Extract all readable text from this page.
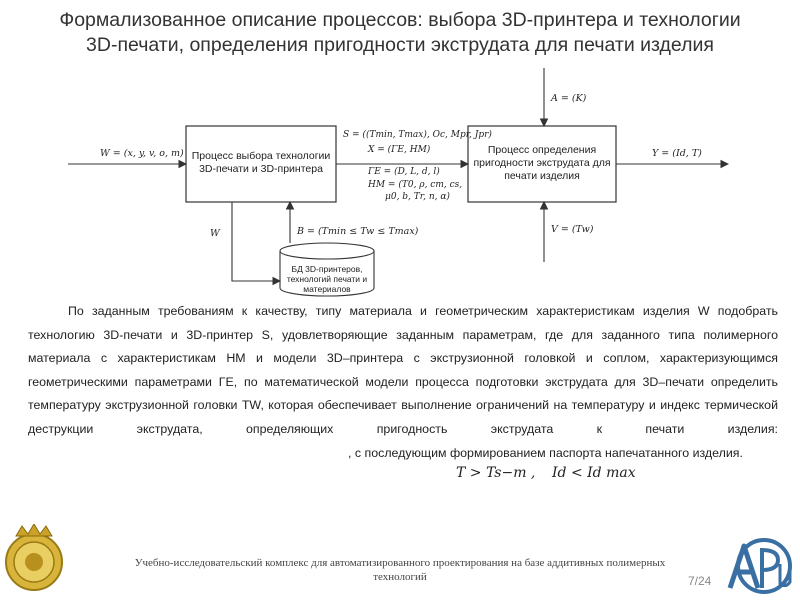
Формализованное описание процессов: выбора 3D-принтера и технологии
3D-печати, определения пригодности экструдата для печати изделия
Процесс выбора технологии
3D-печати и 3D-принтера
Процесс определения
пригодности экструдата для
печати изделия
БД 3D-принтеров,
технологий печати и
материалов
W = (x, y, v, o, m)	Y = (Id, T)
A = (K)
V = (Tw)
B = (Tmin ≤ Tw ≤ Tmax)
W
S = ((Tmin, Tmax), Oc, Mpr, Jpr)
X = (ΓE, HM)
ΓE = (D, L, d, l)
HM = (T0, ρ, cm, cs,
μ0, b, Tr, n, α)
По заданным требованиям к качеству, типу материала и геометрическим характеристикам изделия W подобрать технологию 3D-печати и 3D-принтер S, удовлетворяющие заданным параметрам, где для заданного типа полимерного материала с характеристикам HM и модели 3D–принтера с экструзионной головкой и соплом, характеризующимся геометрическими параметрами ΓE, по математической модели процесса подготовки экструдата для 3D–печати определить температуру экструзионной головки TW, которая обеспечивает выполнение ограничений на температуру и индекс термической деструкции экструдата, определяющих пригодность экструдата к печати изделия:, с последующим формированием паспорта напечатанного изделия.
T > Ts−m , Id < Id max
Учебно-исследовательский комплекс для автоматизированного проектирования на базе аддитивных полимерных
технологий	7/24
